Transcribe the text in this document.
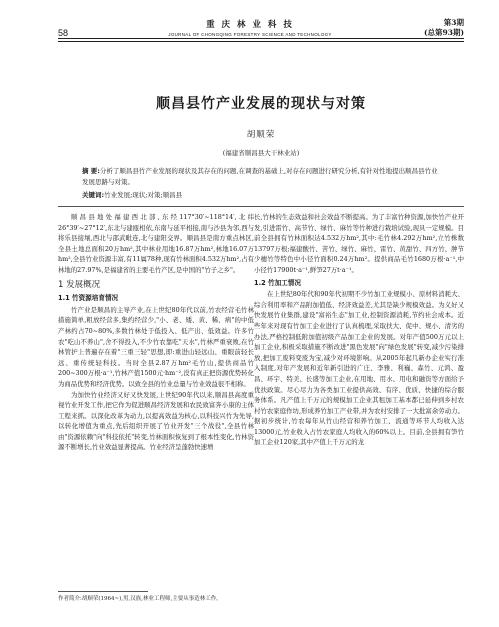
58
重 庆 林 业 科 技
JOURNAL OF CHONGQING FORESTRY SCIENCE AND TECHNOLOGY
第3期
(总第93期)
顺昌县竹产业发展的现状与对策
胡顺荣
(福建省顺昌县大干林业站)
摘 要:分析了顺昌县竹产业发展的现状及其存在的问题,在调查的基础上,对存在问题进行研究分析,有针对性地提出顺昌县竹业发展思路与对策。
关键词:竹业发展;现状;对策;顺昌县

顺昌县地处福建西北部,东经117°30′~118°14′,北纬26°39′~27°12′,东北与建瓯相依,东南与延平相接,南与沙县为邻,西与将乐县接壤,西北与邵武毗连,北与建阳交界。顺昌县是南方重点林区,全县土地总面积20万hm²,其中林业用地16.87万hm²,林地16.07万hm²,全县竹业资源丰富,有11属78种,现有竹林面积4.532万hm²,占有林地的27.97%,是福建省的主要毛竹产区,是中国的"竹子之乡"。

1 发展概况
1.1 竹资源培育情况

竹产业是顺昌的主导产业,在上世纪80年代以前,竹农经营毛竹林措施简单,粗放经营多,集约经营少,"小、老、矮、黄、稀、病"的中低产林约占70~80%,多数竹林处于低投入、低产出、低效益。许多竹农"吃山不养山",舍不得投入,不少竹农靠吃"天水",竹林严重衰败,在竹林管护上普遍存在着"三重三轻"思想,即:重进山轻远山、重眼前轻长远、重传统轻科技。当时全县2.87万hm²毛竹山,提供商品竹200~300万根·a⁻¹,竹林产值1500元·hm⁻²,没有真正把资源优势转化为商品优势和经济优势。以致全县的竹业总量与竹业效益很不相称。

为加快竹业经济又好又快发展,上世纪90年代以来,顺昌县高度重视竹业开发工作,把它作为促进顺昌经济发展和农民致富奔小康的主体工程来抓。以深化改革为动力,以提高效益为核心,以科技兴竹为先导,以转化增值为重点,先后组织开展了竹业开发"三个战役",全县竹林由"资源依赖"向"科技依托"转变,竹林面积恢复到了根本性变化,竹林资源不断增长,竹业效益显著提高。竹业经济呈蓬勃快速增

长,竹林的生态效益和社会效益不断提高。为了丰富竹种资源,加快竹产业开发,引进雷竹、高节竹、绿竹、麻竹等竹种进行栽培试验,现具一定规模。目前全县拥有竹林面积达4.532万hm²,其中:毛竹林4.292万hm²,立竹株数13797万根;福建酸竹、苦竹、绿竹、麻竹、雷竹、黄甜竹、四方竹、肿节少穗竹等特色中小径竹面积0.24万hm²。提供商品毛竹1680万根·a⁻¹,中小径竹17900t·a⁻¹,鲜笋27万t·a⁻¹。

1.2 竹加工情况

在上世纪80年代和90年代初期不少竹加工业规模小、原材料消耗大、综合利用率和产品附加值低、经济效益差,尤其是缺少规模效益。为义好又快发展竹业集群,建设"富裕生态"加工业,控制资源消耗,节约社会成本。近些年来对现有竹加工企业进行了认真梳理,采取扶大、促中、规小、清劣的办法,严格控制低附加值初级产品加工企业的发展。对年产值500万元以上加工企业,积极采取措施不断改进"黑色发展"向"绿色发展"转变,减少污染排放,把加工废料变废为宝,减少对环境影响。从2005年起几新办企业实行准入制度,对年产发展和近年新引进的广庄、李雅、利巍、森竹、元鸿、盈昌、环宇、特美、长盛等加工企业,在用地、用水、用电和融资等方面给予优扶政策。尽心尽力为各类加工业提供高效、有序、优质、快捷的综合服务体系。凡产值上千万元的规模加工企业其租加工基本都已延伸到乡村农村竹农家庭作坊,形成养竹加工产业带,并为农村安排了一大批富余劳动力。据初步统计,竹农每年从竹山经营和养竹加工、流通等环节人均收入达13000元,竹业收入占竹农家庭人均收入的60%以上。目前,全县拥有笋竹加工企业120家,其中产值上千万元的龙

作者简介:胡顺荣(1964~),男,汉族,林业工程师,主要从事造林工作。
